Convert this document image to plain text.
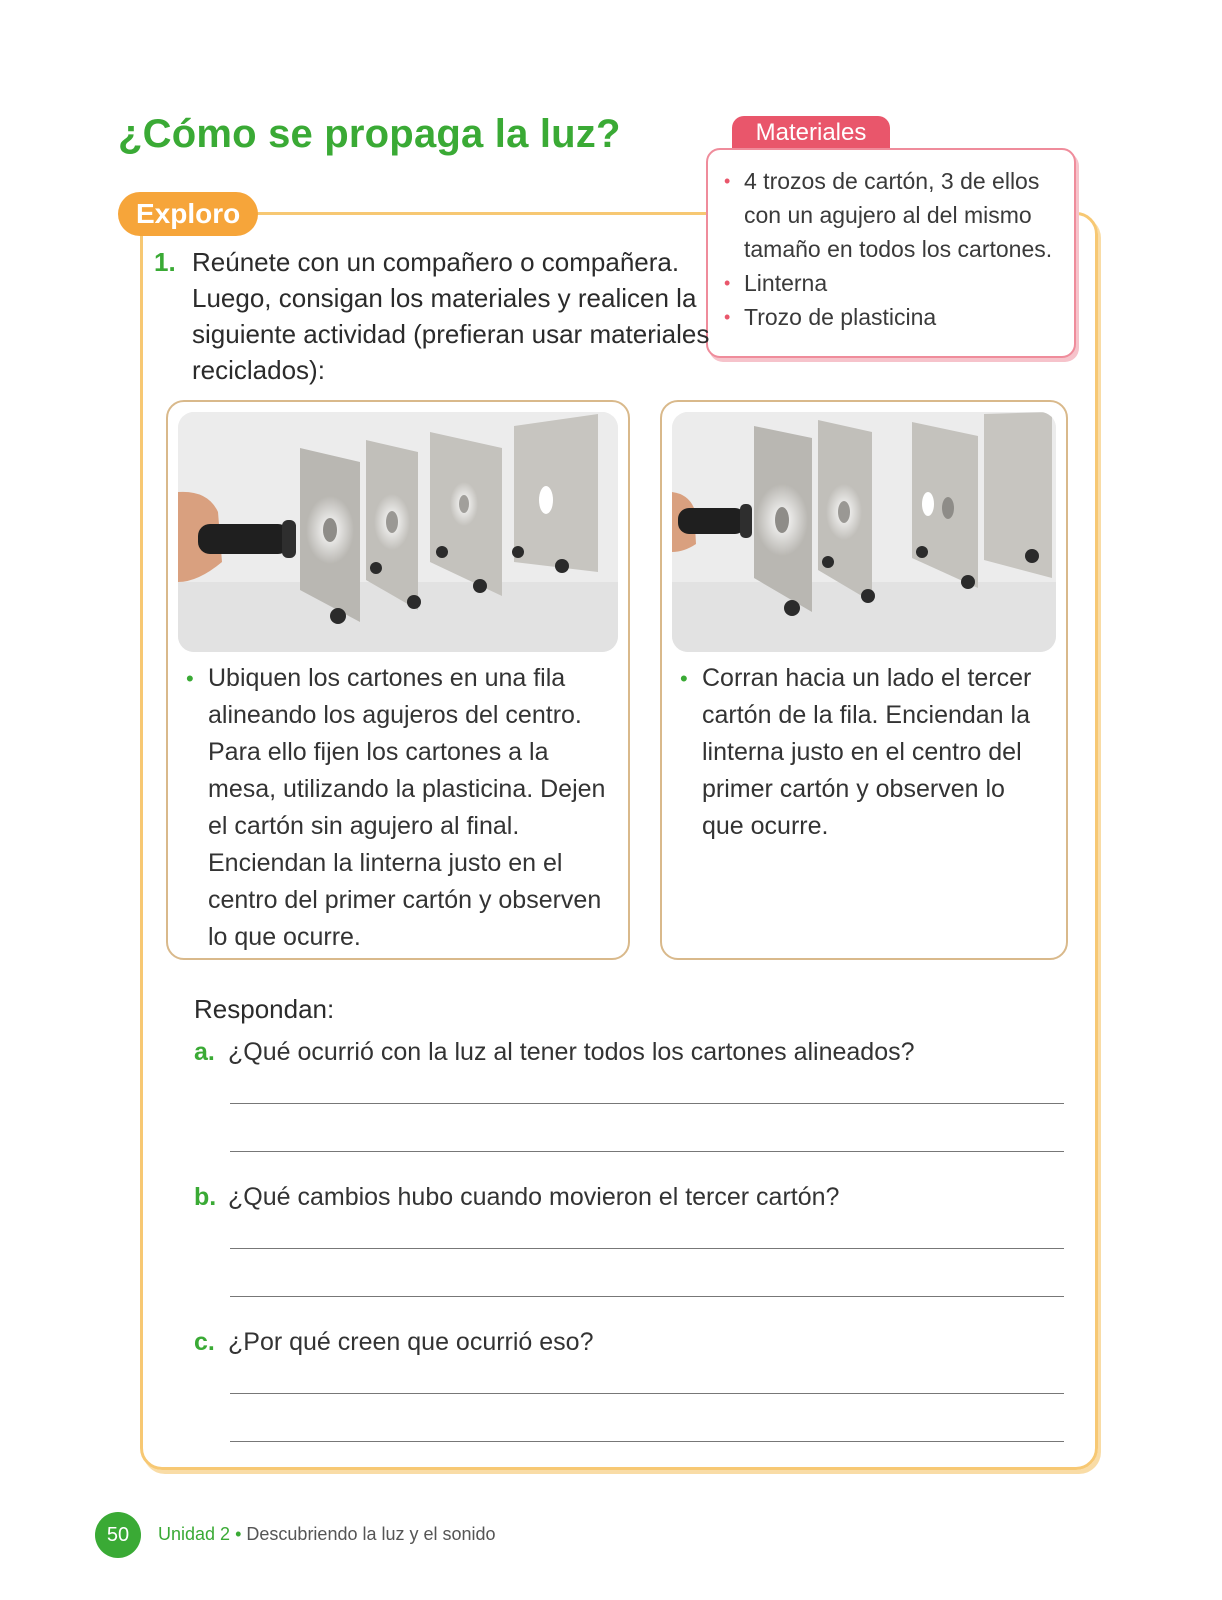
¿Cómo se propaga la luz?
Exploro
Materiales
• 4 trozos de cartón, 3 de ellos con un agujero al del mismo tamaño en todos los cartones.
• Linterna
• Trozo de plasticina
1. Reúnete con un compañero o compañera. Luego, consigan los materiales y realicen la siguiente actividad (prefieran usar materiales reciclados):
• Ubiquen los cartones en una fila alineando los agujeros del centro. Para ello fijen los cartones a la mesa, utilizando la plasticina. Dejen el cartón sin agujero al final. Enciendan la linterna justo en el centro del primer cartón y observen lo que ocurre.
• Corran hacia un lado el tercer cartón de la fila. Enciendan la linterna justo en el centro del primer cartón y observen lo que ocurre.
Respondan:
a. ¿Qué ocurrió con la luz al tener todos los cartones alineados?
b. ¿Qué cambios hubo cuando movieron el tercer cartón?
c. ¿Por qué creen que ocurrió eso?
50	Unidad 2 • Descubriendo la luz y el sonido
